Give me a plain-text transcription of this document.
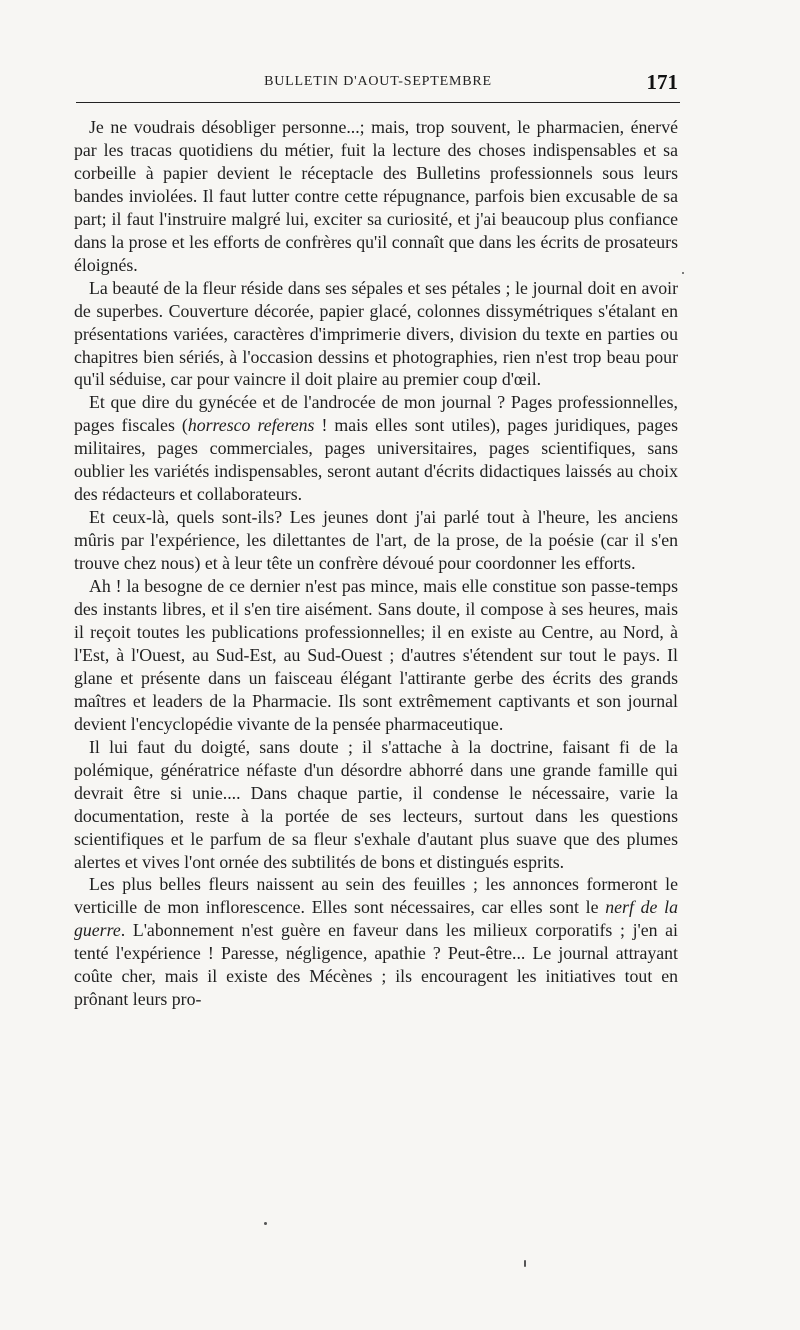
BULLETIN D'AOUT-SEPTEMBRE	171

Je ne voudrais désobliger personne...; mais, trop souvent, le pharmacien, énervé par les tracas quotidiens du métier, fuit la lecture des choses indispensables et sa corbeille à papier devient le réceptacle des Bulletins professionnels sous leurs bandes inviolées. Il faut lutter contre cette répugnance, parfois bien excusable de sa part; il faut l'instruire malgré lui, exciter sa curiosité, et j'ai beaucoup plus confiance dans la prose et les efforts de confrères qu'il connaît que dans les écrits de prosateurs éloignés.

La beauté de la fleur réside dans ses sépales et ses pétales ; le journal doit en avoir de superbes. Couverture décorée, papier glacé, colonnes dissymétriques s'étalant en présentations variées, caractères d'imprimerie divers, division du texte en parties ou chapitres bien sériés, à l'occasion dessins et photographies, rien n'est trop beau pour qu'il séduise, car pour vaincre il doit plaire au premier coup d'œil.

Et que dire du gynécée et de l'androcée de mon journal ? Pages professionnelles, pages fiscales (horresco referens ! mais elles sont utiles), pages juridiques, pages militaires, pages commerciales, pages universitaires, pages scientifiques, sans oublier les variétés indispensables, seront autant d'écrits didactiques laissés au choix des rédacteurs et collaborateurs.

Et ceux-là, quels sont-ils? Les jeunes dont j'ai parlé tout à l'heure, les anciens mûris par l'expérience, les dilettantes de l'art, de la prose, de la poésie (car il s'en trouve chez nous) et à leur tête un confrère dévoué pour coordonner les efforts.

Ah ! la besogne de ce dernier n'est pas mince, mais elle constitue son passe-temps des instants libres, et il s'en tire aisément. Sans doute, il compose à ses heures, mais il reçoit toutes les publications professionnelles; il en existe au Centre, au Nord, à l'Est, à l'Ouest, au Sud-Est, au Sud-Ouest ; d'autres s'étendent sur tout le pays. Il glane et présente dans un faisceau élégant l'attirante gerbe des écrits des grands maîtres et leaders de la Pharmacie. Ils sont extrêmement captivants et son journal devient l'encyclopédie vivante de la pensée pharmaceutique.

Il lui faut du doigté, sans doute ; il s'attache à la doctrine, faisant fi de la polémique, génératrice néfaste d'un désordre abhorré dans une grande famille qui devrait être si unie.... Dans chaque partie, il condense le nécessaire, varie la documentation, reste à la portée de ses lecteurs, surtout dans les questions scientifiques et le parfum de sa fleur s'exhale d'autant plus suave que des plumes alertes et vives l'ont ornée des subtilités de bons et distingués esprits.

Les plus belles fleurs naissent au sein des feuilles ; les annonces formeront le verticille de mon inflorescence. Elles sont nécessaires, car elles sont le nerf de la guerre. L'abonnement n'est guère en faveur dans les milieux corporatifs ; j'en ai tenté l'expérience ! Paresse, négligence, apathie ? Peut-être... Le journal attrayant coûte cher, mais il existe des Mécènes ; ils encouragent les initiatives tout en prônant leurs pro-
